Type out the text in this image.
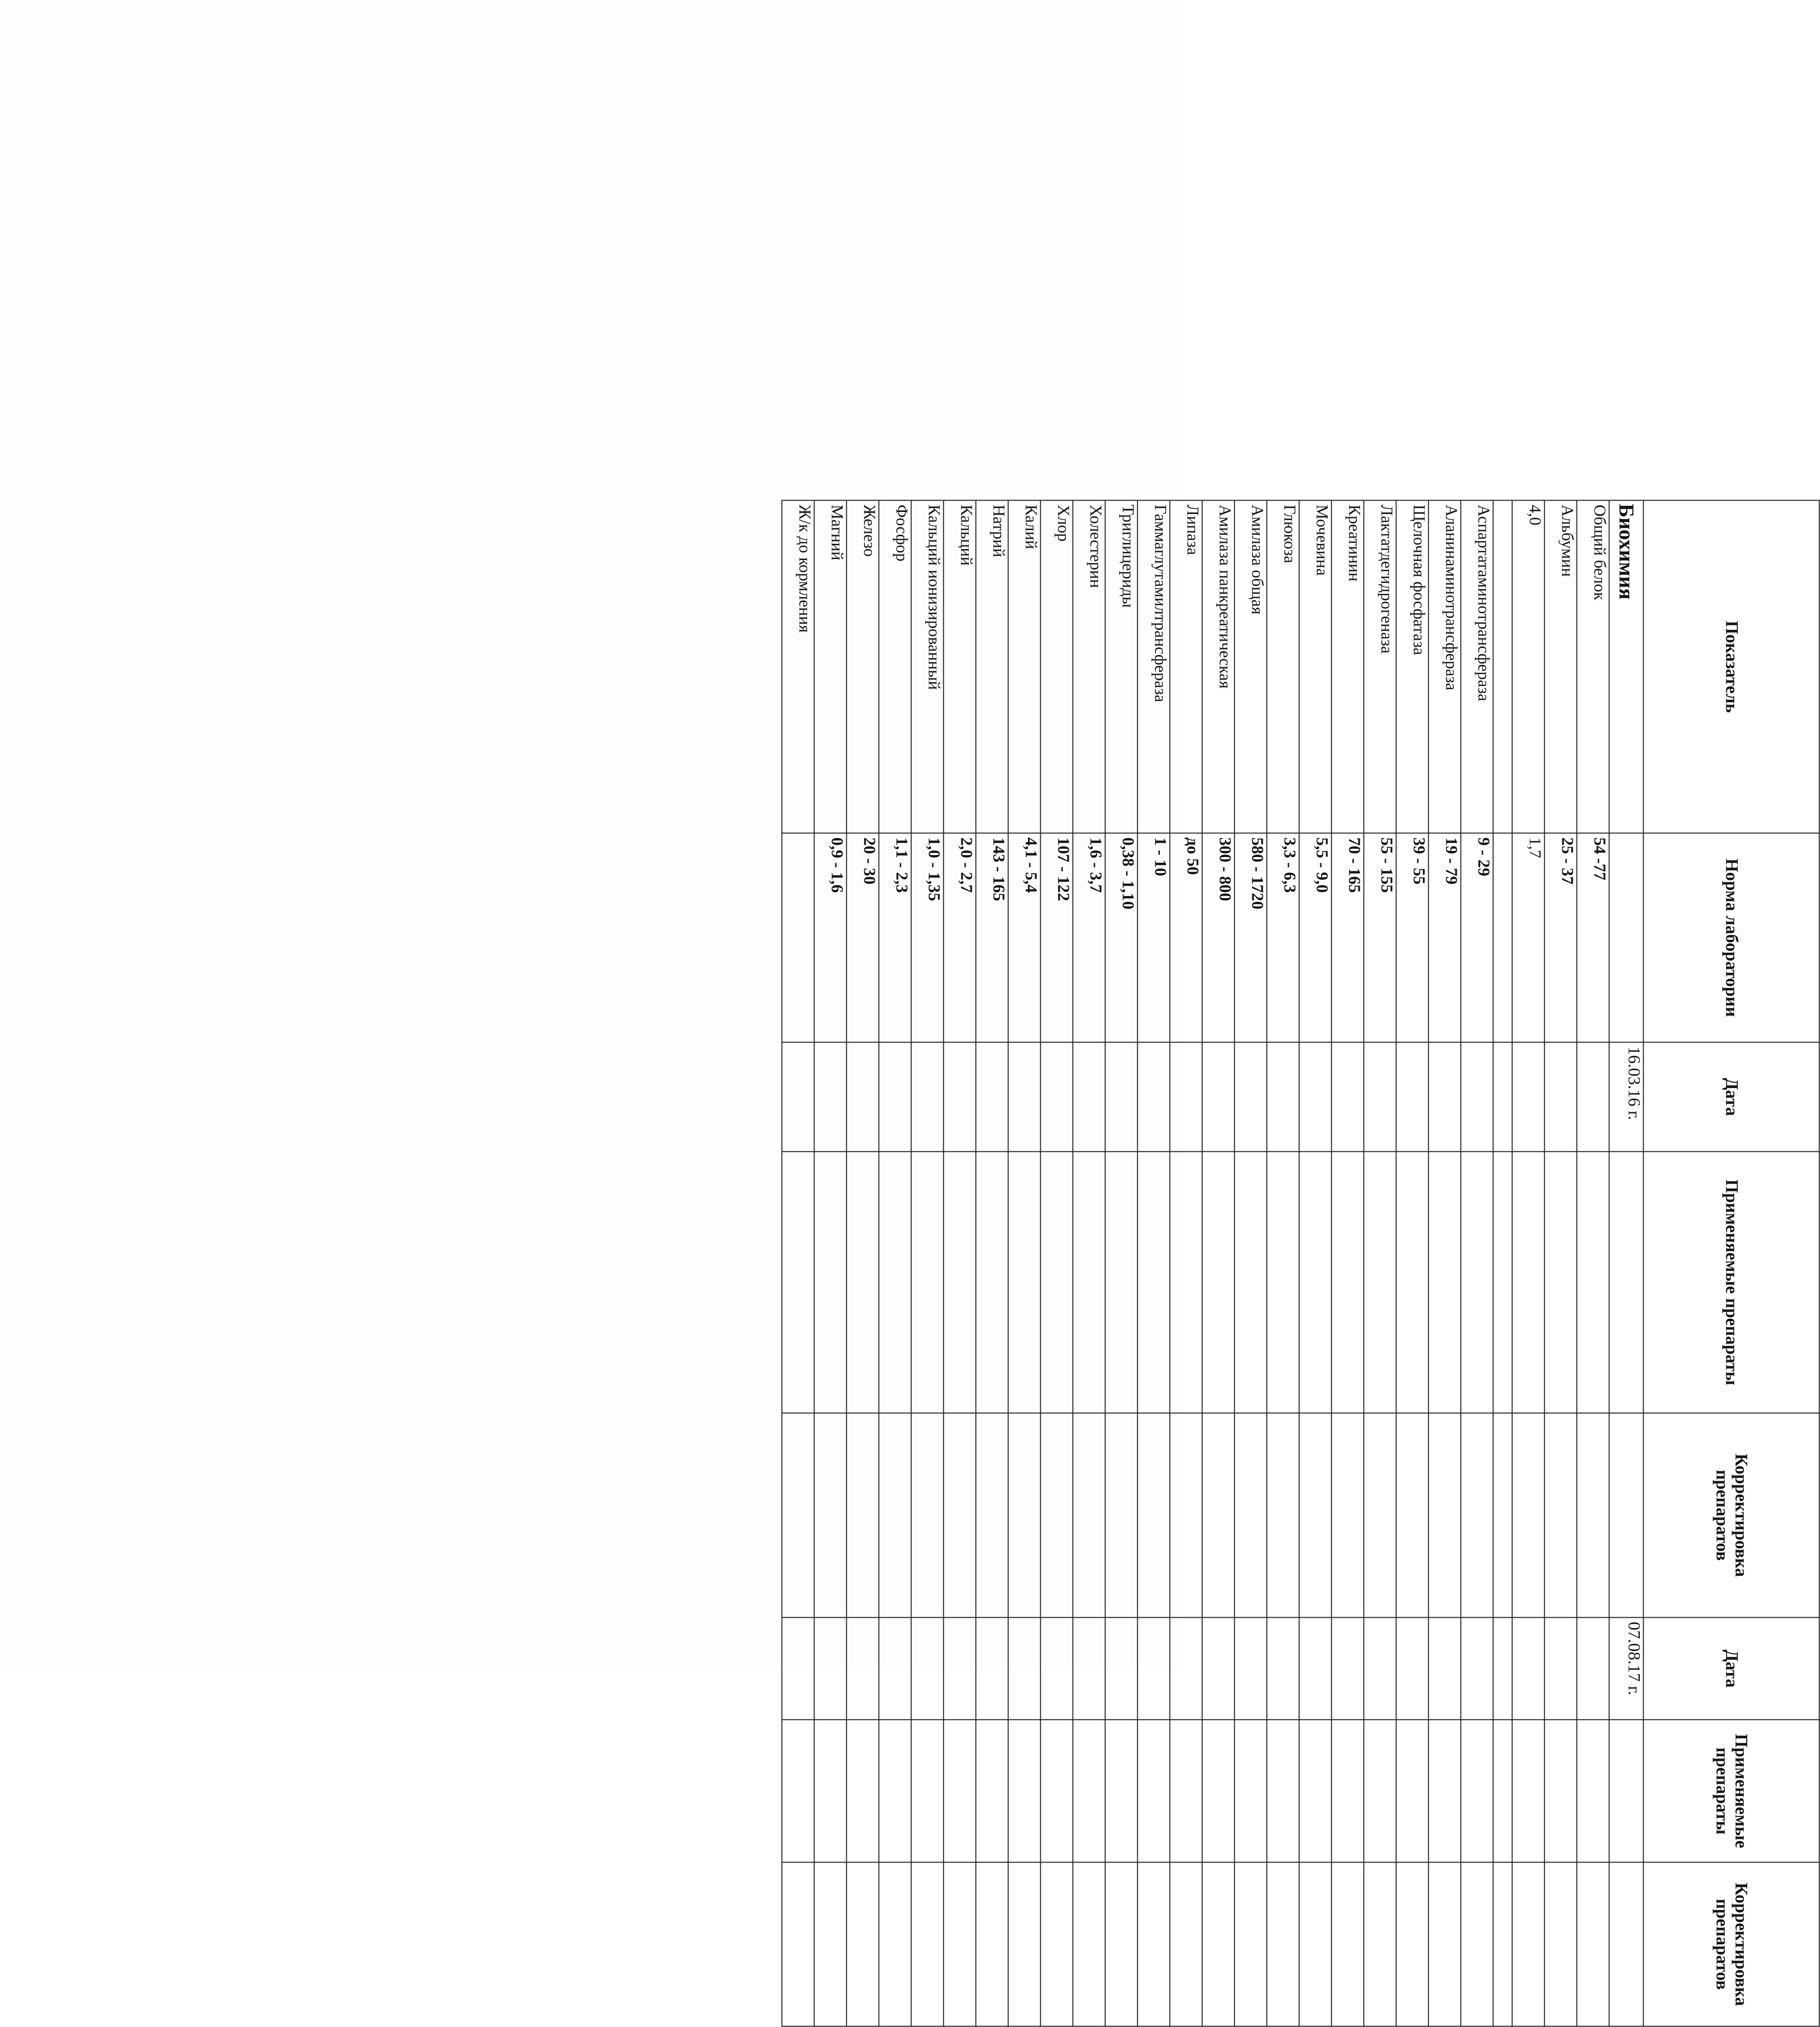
Показатель	Норма лаборатории	Дата	Применяемые препараты	Корректировка препаратов	Дата	Применяемые препараты	Корректировка препаратов
Биохимия		16.03.16 г.			07.08.17 г.		
Общий белок	54 -77						
Альбумин	25 - 37						
4,0	1,7						

Аспартатаминотрансфераза	9 - 29						
Аланинаминотрансфераза	19 - 79						
Щелочная фосфатаза	39 - 55						
Лактатдегидрогеназа	55 - 155						
Креатинин	70 - 165						
Мочевина	5,5 - 9,0						
Глюкоза	3,3 - 6,3						
Амилаза общая	580 - 1720						
Амилаза панкреатическая	300 - 800						
Липаза	до 50						
Гаммаглутамилтрансфераза	1 - 10						
Триглицериды	0,38 - 1,10						
Холестерин	1,6 - 3,7						
Хлор	107 - 122						
Калий	4,1 - 5,4						
Натрий	143 - 165						
Кальций	2,0 - 2,7						
Кальций ионизированный	1,0 - 1,35						
Фосфор	1,1 - 2,3						
Железо	20 - 30						
Магний	0,9 - 1,6						
Ж/к до кормления							
